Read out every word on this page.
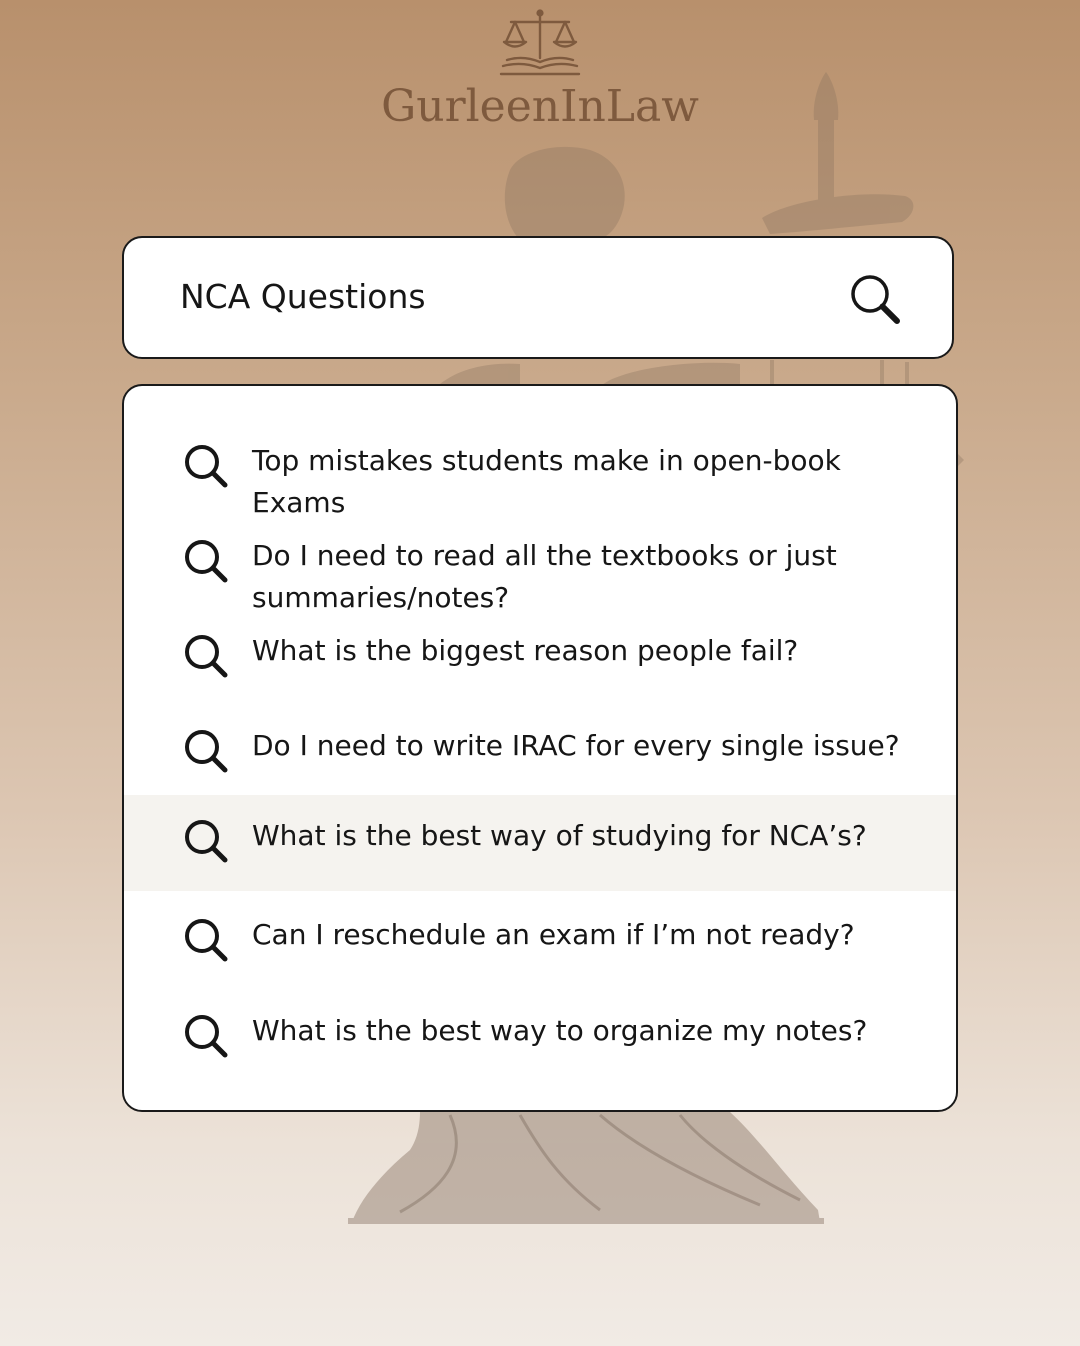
GurleenInLaw
NCA Questions
Top mistakes students make in open-book Exams
Do I need to read all the textbooks or just summaries/notes?
What is the biggest reason people fail?
Do I need to write IRAC for every single issue?
What is the best way of studying for NCA’s?
Can I reschedule an exam if I’m not ready?
What is the best way to organize my notes?
